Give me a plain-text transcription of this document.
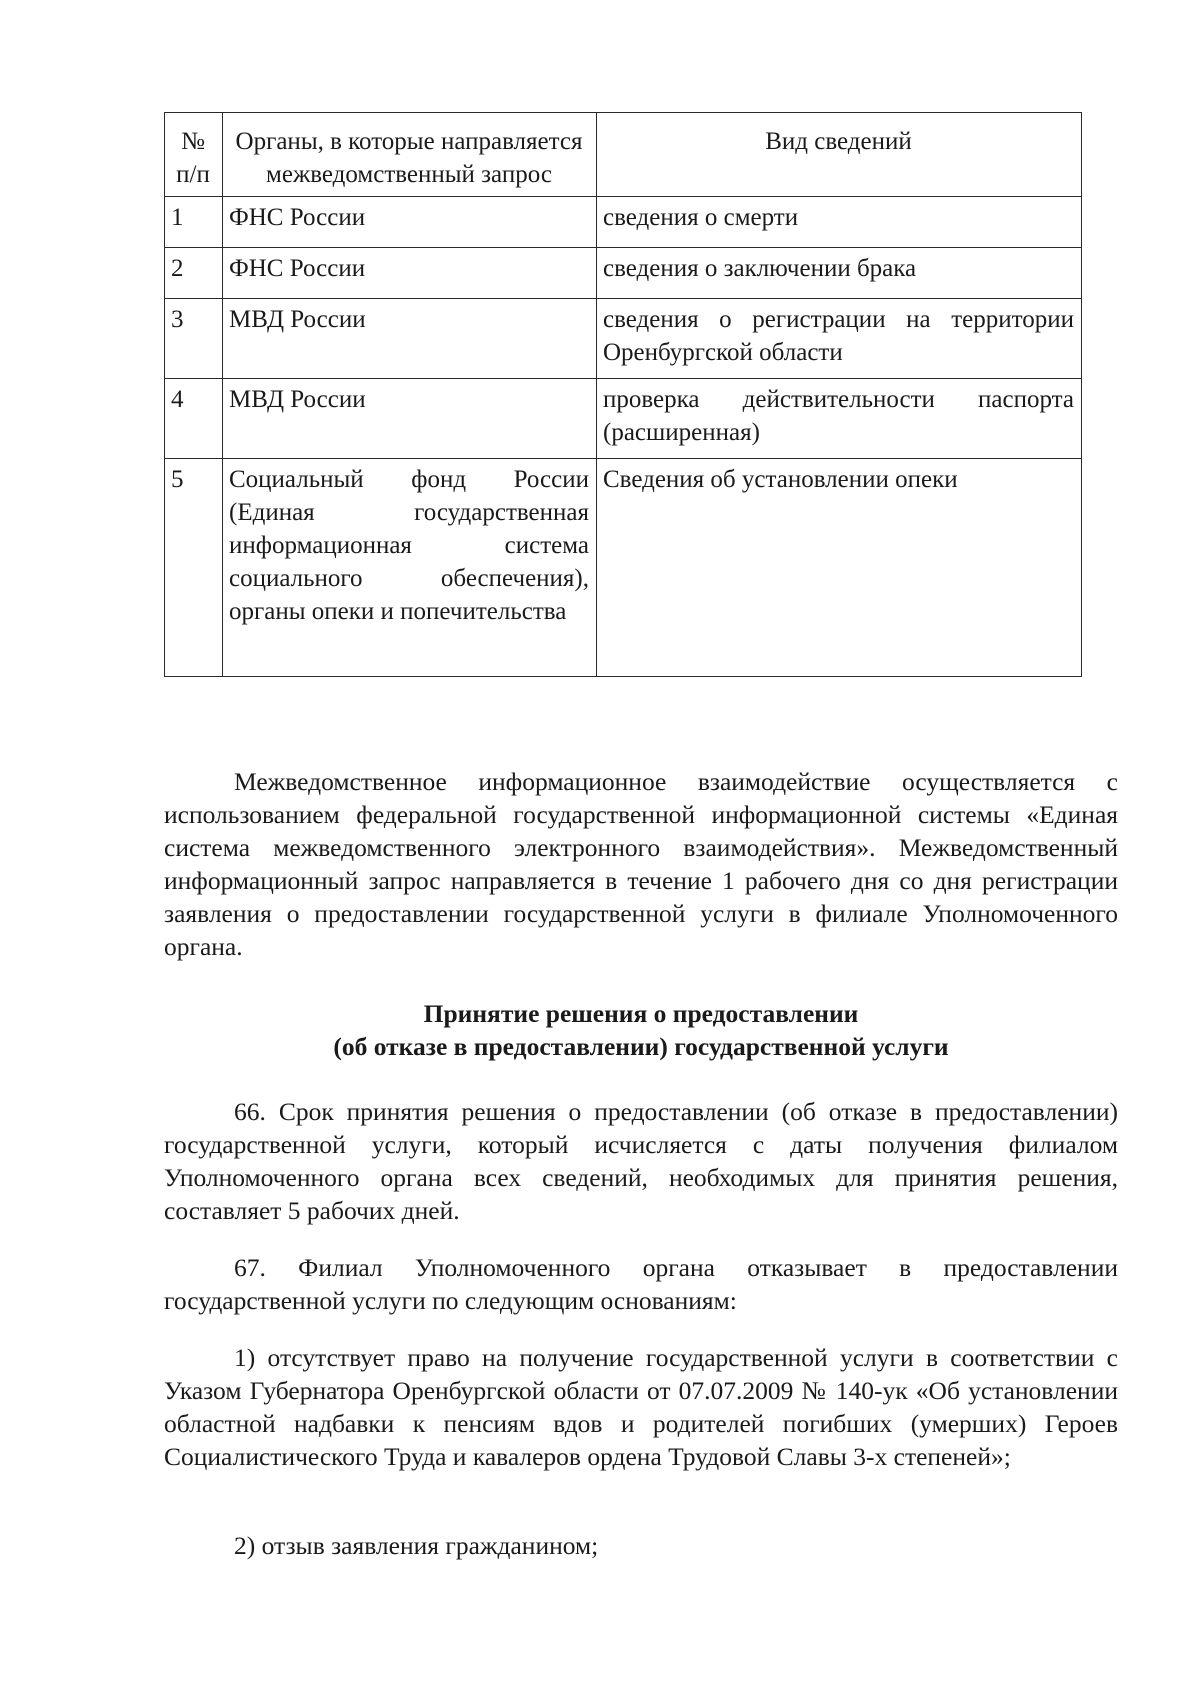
№ п/п	Органы, в которые направляется межведомственный запрос	Вид сведений
1	ФНС России	сведения о смерти
2	ФНС России	сведения о заключении брака
3	МВД России	сведения о регистрации на территории Оренбургской области
4	МВД России	проверка действительности паспорта (расширенная)
5	Социальный фонд России (Единая государственная информационная система социального обеспечения), органы опеки и попечительства	Сведения об установлении опеки

Межведомственное информационное взаимодействие осуществляется с использованием федеральной государственной информационной системы «Единая система межведомственного электронного взаимодействия». Межведомственный информационный запрос направляется в течение 1 рабочего дня со дня регистрации заявления о предоставлении государственной услуги в филиале Уполномоченного органа.

Принятие решения о предоставлении

(об отказе в предоставлении) государственной услуги

66. Срок принятия решения о предоставлении (об отказе в предоставлении) государственной услуги, который исчисляется с даты получения филиалом Уполномоченного органа всех сведений, необходимых для принятия решения, составляет 5 рабочих дней.

67. Филиал Уполномоченного органа отказывает в предоставлении государственной услуги по следующим основаниям:

1) отсутствует право на получение государственной услуги в соответствии с Указом Губернатора Оренбургской области от 07.07.2009 № 140-ук «Об установлении областной надбавки к пенсиям вдов и родителей погибших (умерших) Героев Социалистического Труда и кавалеров ордена Трудовой Славы 3-х степеней»;

2) отзыв заявления гражданином;
